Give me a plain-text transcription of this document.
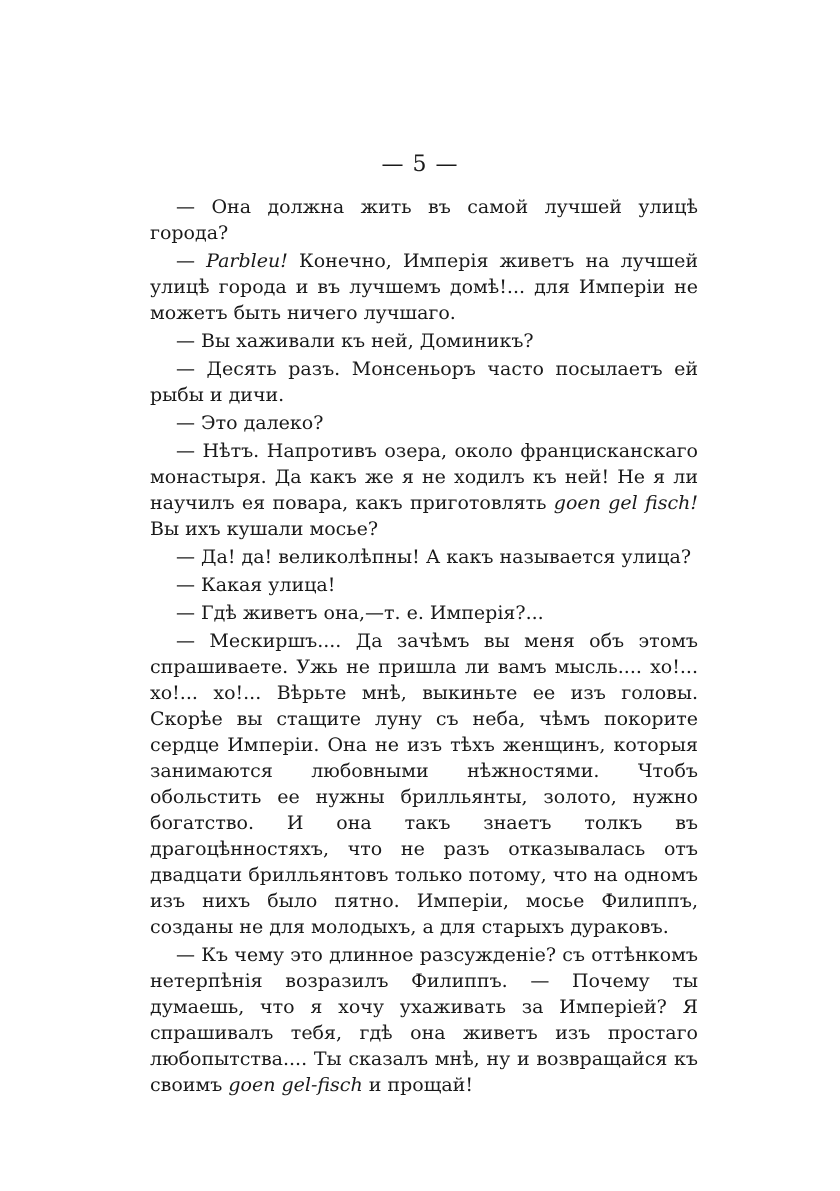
— 5 —

— Она должна жить въ самой лучшей улицѣ города?

— Parbleu! Конечно, Имперія живетъ на лучшей улицѣ города и въ лучшемъ домѣ!... для Имперіи не можетъ быть ничего лучшаго.

— Вы хаживали къ ней, Доминикъ?

— Десять разъ. Монсеньоръ часто посылаетъ ей рыбы и дичи.

— Это далеко?

— Нѣтъ. Напротивъ озера, около францисканскаго монастыря. Да какъ же я не ходилъ къ ней! Не я ли научилъ ея повара, какъ приготовлять goen gel fisch! Вы ихъ кушали мосье?

— Да! да! великолѣпны! А какъ называется улица?

— Какая улица!

— Гдѣ живетъ она,—т. е. Имперія?...

— Мескиршъ.... Да зачѣмъ вы меня объ этомъ спрашиваете. Ужь не пришла ли вамъ мысль.... хо!... хо!... хо!... Вѣрьте мнѣ, выкиньте ее изъ головы. Скорѣе вы стащите луну съ неба, чѣмъ покорите сердце Имперіи. Она не изъ тѣхъ женщинъ, которыя занимаются любовными нѣжностями. Чтобъ обольстить ее нужны брилльянты, золото, нужно богатство. И она такъ знаетъ толкъ въ драгоцѣнностяхъ, что не разъ отказывалась отъ двадцати брилльянтовъ только потому, что на одномъ изъ нихъ было пятно. Имперіи, мосье Филиппъ, созданы не для молодыхъ, а для старыхъ дураковъ.

— Къ чему это длинное разсужденіе? съ оттѣнкомъ нетерпѣнія возразилъ Филиппъ. — Почему ты думаешь, что я хочу ухаживать за Имперіей? Я спрашивалъ тебя, гдѣ она живетъ изъ простаго любопытства.... Ты сказалъ мнѣ, ну и возвращайся къ своимъ goen gel-fisch и прощай!
